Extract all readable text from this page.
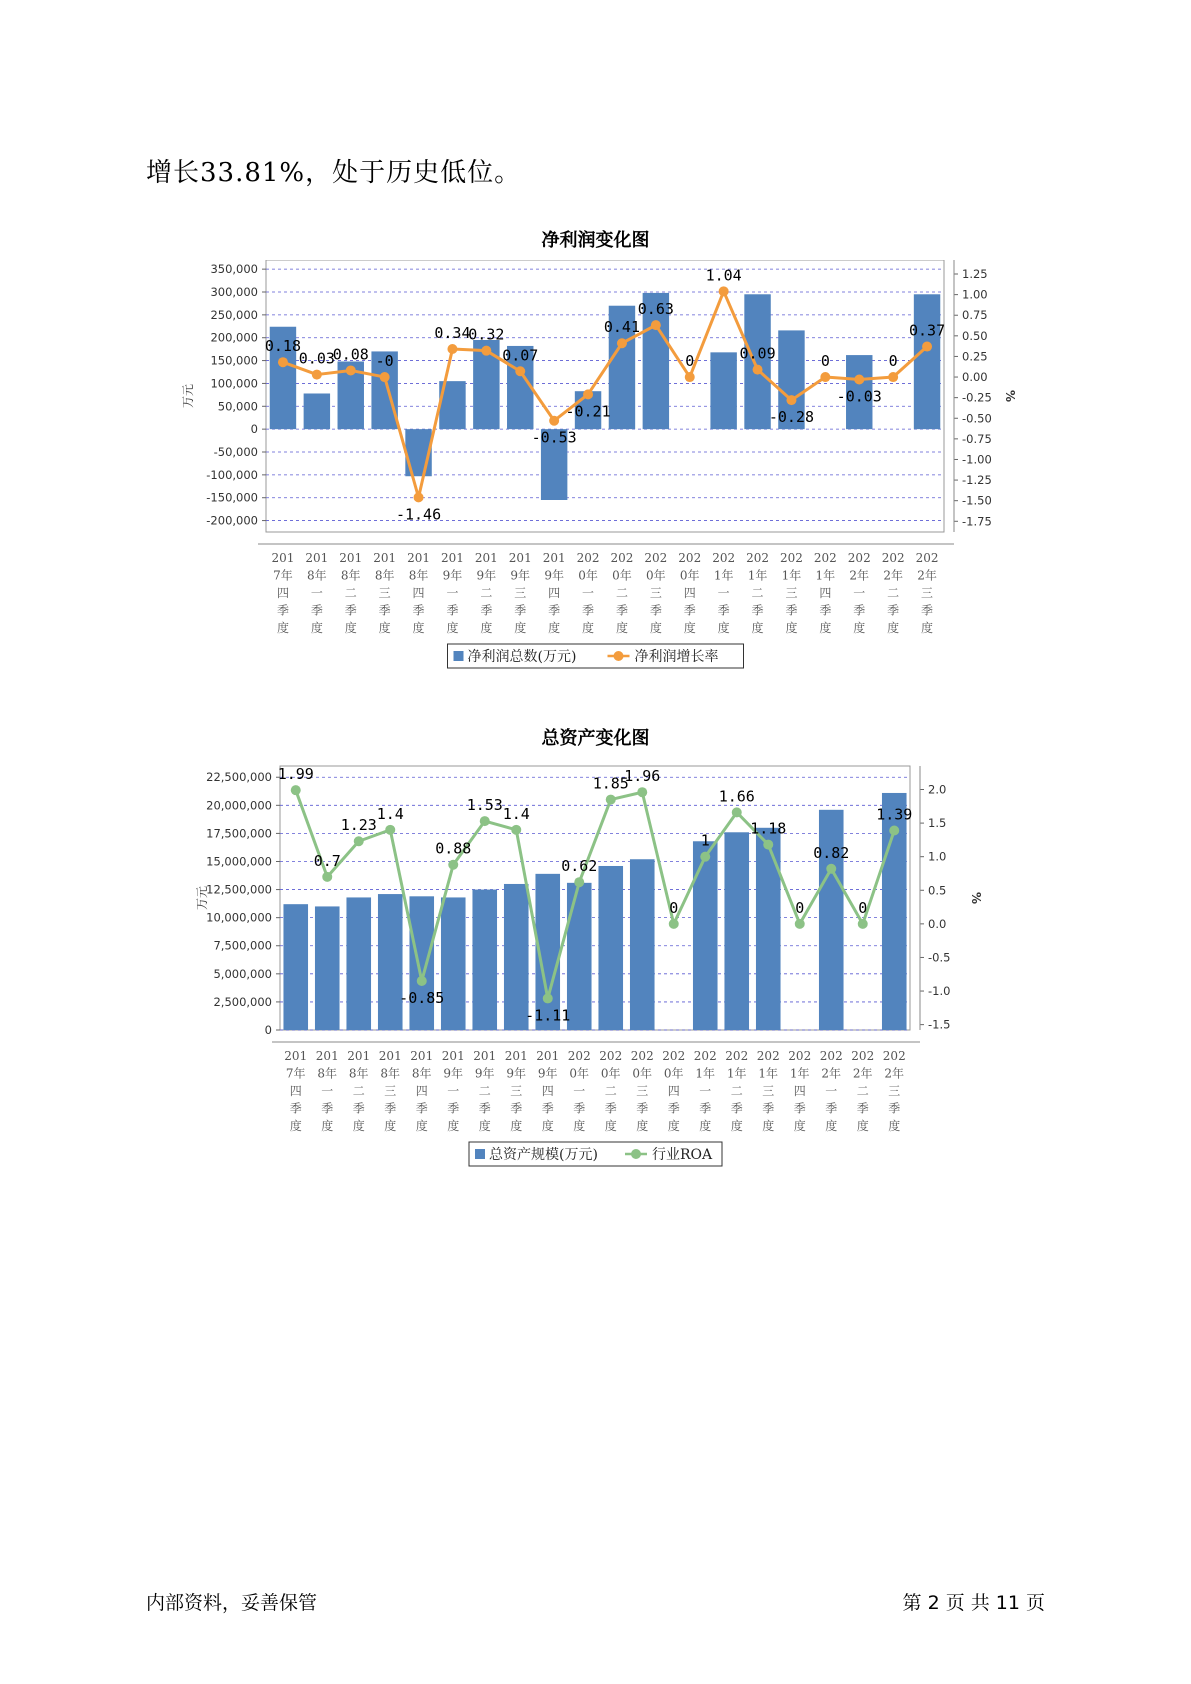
增长33.81%，处于历史低位。
净利润变化图
350,000
300,000
250,000
200,000
150,000
100,000
50,000
0
-50,000
-100,000
-150,000
-200,000
1.25
1.00
0.75
0.50
0.25
0.00
-0.25
-0.50
-0.75
-1.00
-1.25
-1.50
-1.75
万元	%
201 7年四季度
201 8年一季度
201 8年二季度
201 8年三季度
201 8年四季度
201 9年一季度
201 9年二季度
201 9年三季度
201 9年四季度
202 0年一季度
202 0年二季度
202 0年三季度
202 0年四季度
202 1年一季度
202 1年二季度
202 1年三季度
202 1年四季度
202 2年一季度
202 2年二季度
202 2年三季度
0.18
0.03
0.08 -0
-1.46
0.34
0.32
0.07
-0.53
-0.21
0.41
0.63
0
1.04
0.09
-0.28
0
-0.03
0
0.37
净利润总数(万元)	净利润增长率
总资产变化图
22,500,000
20,000,000
17,500,000
15,000,000
12,500,000
10,000,000
7,500,000
5,000,000
2,500,000
0
2.0
1.5
1.0
0.5
0.0
-0.5
-1.0
-1.5
万元	%
201 7年四季度
201 8年一季度
201 8年二季度
201 8年三季度
201 8年四季度
201 9年一季度
201 9年二季度
201 9年三季度
201 9年四季度
202 0年一季度
202 0年二季度
202 0年三季度
202 0年四季度
202 1年一季度
202 1年二季度
202 1年三季度
202 1年四季度
202 2年一季度
202 2年二季度
202 2年三季度
1.99
0.7
1.23
1.4
-0.85
0.88
1.53 1.4
-1.11
0.62
1.85
1.96
0
1
1.66
1.18
0
0.82
0
1.39
总资产规模(万元)	行业ROA
内部资料，妥善保管	第 2 页 共 11 页
